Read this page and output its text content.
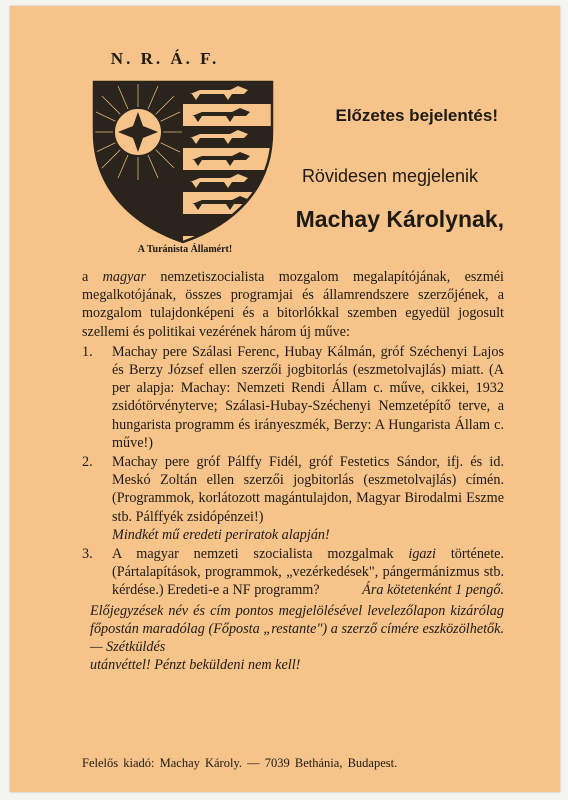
N. R. Á. F.
A Turánista Államért!
Előzetes bejelentés!
Rövidesen megjelenik
Machay Károlynak,
a magyar nemzetiszocialista mozgalom megalapítójának, eszméi megalkotójának, összes programjai és államrendszere szerzőjének, a mozgalom tulajdonképeni és a bitorlókkal szemben egyedül jogosult szellemi és politikai vezérének három új műve:
1. Machay pere Szálasi Ferenc, Hubay Kálmán, gróf Széchenyi Lajos és Berzy József ellen szerzői jogbitorlás (eszmetolvajlás) miatt. (A per alapja: Machay: Nemzeti Rendi Állam c. műve, cikkei, 1932 zsidótörvényterve; Szálasi-Hubay-Széchenyi Nemzetépítő terve, a hungarista programm és irányeszmék, Berzy: A Hungarista Állam c. műve!)
2. Machay pere gróf Pálffy Fidél, gróf Festetics Sándor, ifj. és id. Meskó Zoltán ellen szerzői jogbitorlás (eszmetolvajlás) címén. (Programmok, korlátozott magántulajdon, Magyar Birodalmi Eszme stb. Pálffyék zsidópénzei!)
Mindkét mű eredeti periratok alapján!
3. A magyar nemzeti szocialista mozgalmak igazi története. (Pártalapítások, programmok, „vezérkedések", pángermánizmus stb. kérdése.) Eredeti-e a NF programm?	Ára kötetenként 1 pengő.
Előjegyzések név és cím pontos megjelölésével levelezőlapon kizárólag főpostán maradólag (Főposta „restante") a szerző címére eszközölhetők. — Szétküldés
utánvéttel! Pénzt beküldeni nem kell!
Felelős kiadó: Machay Károly. — 7039 Bethánia, Budapest.
